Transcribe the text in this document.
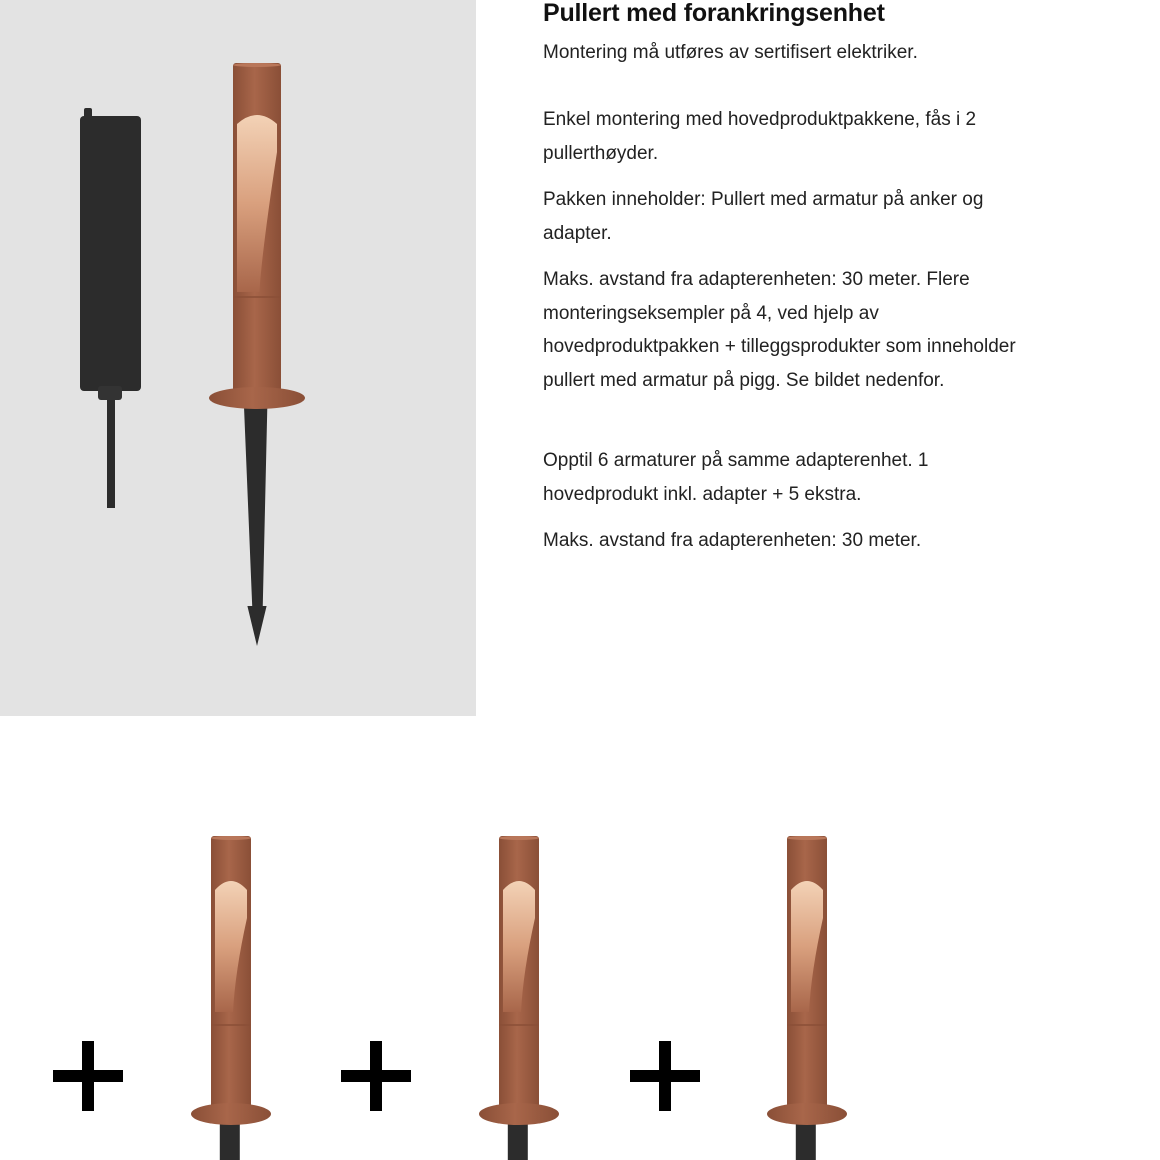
Pullert med forankringsenhet

Montering må utføres av sertifisert elektriker.

Enkel montering med hovedproduktpakkene, fås i 2 pullerthøyder.

Pakken inneholder: Pullert med armatur på anker og adapter.

Maks. avstand fra adapterenheten: 30 meter. Flere monteringseksempler på 4, ved hjelp av hovedproduktpakken + tilleggsprodukter som inneholder pullert med armatur på pigg. Se bildet nedenfor.

Opptil 6 armaturer på samme adapterenhet. 1 hovedprodukt inkl. adapter + 5 ekstra.

Maks. avstand fra adapterenheten: 30 meter.
